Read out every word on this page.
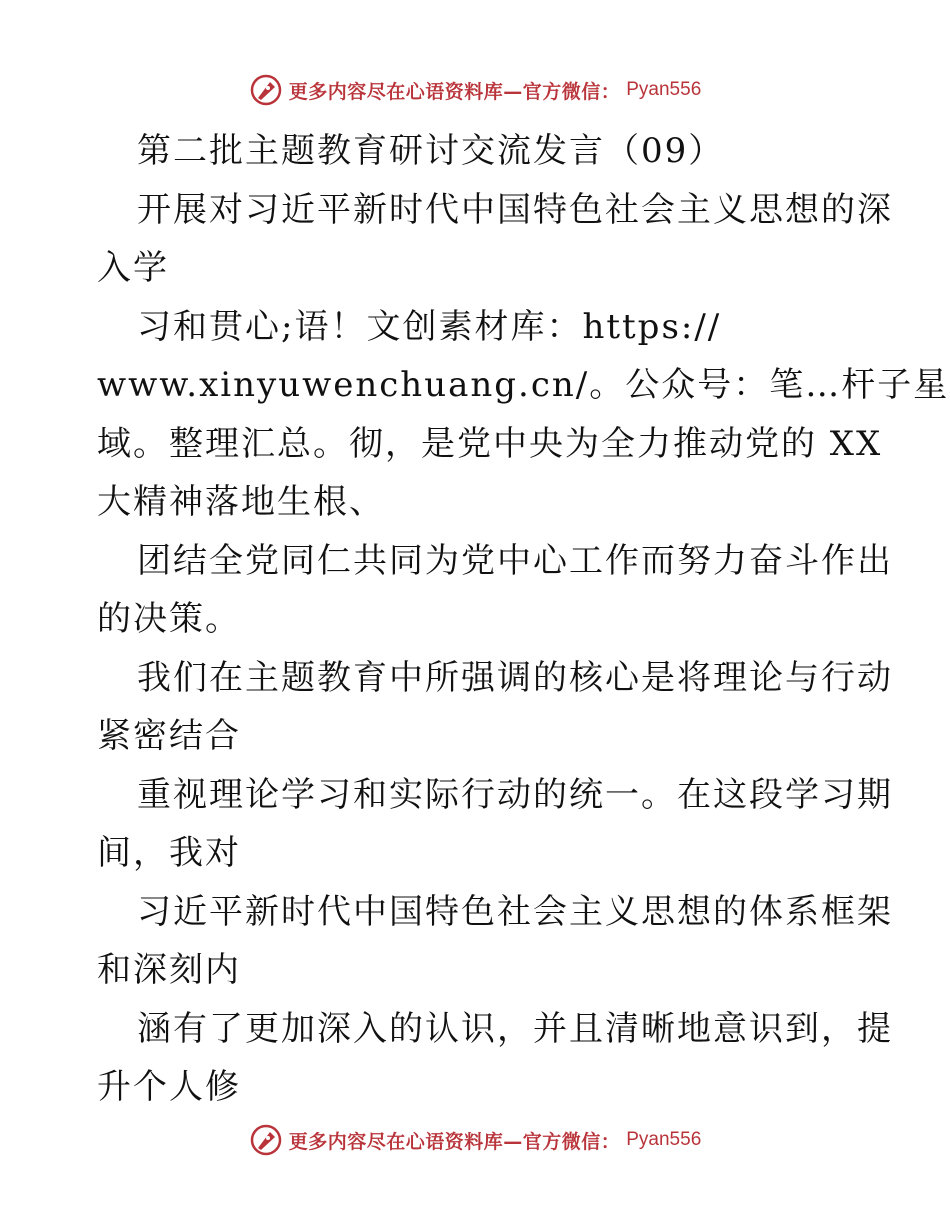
更多内容尽在心语资料库—官方微信： Pyan556
第二批主题教育研讨交流发言（09）
开展对习近平新时代中国特色社会主义思想的深
入学
习和贯心;语！文创素材库：https://
www.xinyuwenchuang.cn/。公众号：笔…杆子星
域。整理汇总。彻，是党中央为全力推动党的 XX
大精神落地生根、
团结全党同仁共同为党中心工作而努力奋斗作出
的决策。
我们在主题教育中所强调的核心是将理论与行动
紧密结合
重视理论学习和实际行动的统一。在这段学习期
间，我对
习近平新时代中国特色社会主义思想的体系框架
和深刻内
涵有了更加深入的认识，并且清晰地意识到，提
升个人修
更多内容尽在心语资料库—官方微信： Pyan556
